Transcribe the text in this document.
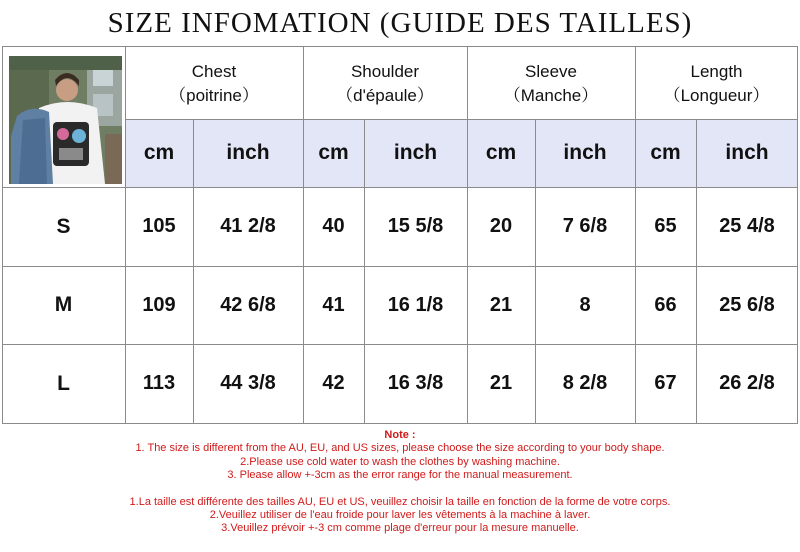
SIZE INFOMATION (GUIDE DES TAILLES)
Chest
（poitrine）
Shoulder
（d'épaule）
Sleeve
（Manche）
Length
（Longueur）
cm	inch	cm	inch	cm	inch	cm	inch
S	105	41 2/8	40	15 5/8	20	7 6/8	65	25 4/8
M	109	42 6/8	41	16 1/8	21	8	66	25 6/8
L	113	44 3/8	42	16 3/8	21	8 2/8	67	26 2/8
Note :
1. The size is different from the AU, EU, and US sizes, please choose the size according to your body shape.
2.Please use cold water to wash the clothes by washing machine.
3. Please allow +-3cm as the error range for the manual measurement.
1.La taille est différente des tailles AU, EU et US, veuillez choisir la taille en fonction de la forme de votre corps.
2.Veuillez utiliser de l'eau froide pour laver les vêtements à la machine à laver.
3.Veuillez prévoir +-3 cm comme plage d'erreur pour la mesure manuelle.
